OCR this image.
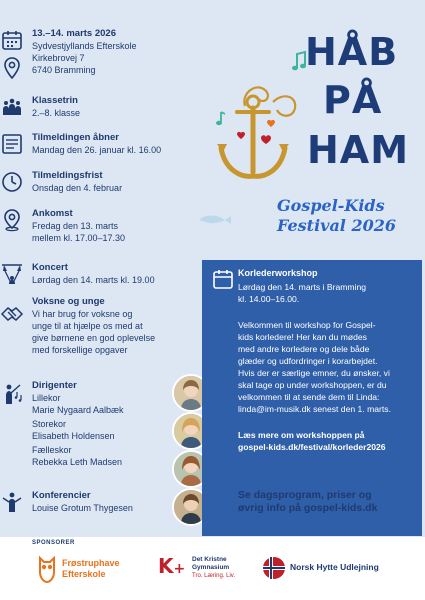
13.–14. marts 2026
Sydvestjyllands Efterskole
Kirkebrovej 7
6740 Bramming
Klassetrin
2.–8. klasse
Tilmeldingen åbner
Mandag den 26. januar kl. 16.00
Tilmeldingsfrist
Onsdag den 4. februar
Ankomst
Fredag den 13. marts
mellem kl. 17.00–17.30
Koncert
Lørdag den 14. marts kl. 19.00
Voksne og unge
Vi har brug for voksne og
unge til at hjælpe os med at
give børnene en god oplevelse
med forskellige opgaver
Dirigenter
Lillekor
Marie Nygaard Aalbæk
Storekor
Elisabeth Holdensen
Fælleskor
Rebekka Leth Madsen
Konferencier
Louise Grotum Thygesen
HÅB
PÅ
HAM
Gospel-Kids
Festival 2026
Korlederworkshop
Lørdag den 14. marts i Bramming
kl. 14.00–16.00.
Velkommen til workshop for Gospel-
kids korledere! Her kan du mødes
med andre korledere og dele både
glæder og udfordringer i korarbejdet.
Hvis der er særlige emner, du ønsker, vi
skal tage op under workshoppen, er du
velkommen til at sende dem til Linda:
linda@im-musik.dk senest den 1. marts.
Læs mere om workshoppen på
gospel-kids.dk/festival/korleder2026
Se dagsprogram, priser og
øvrig info på gospel-kids.dk
SPONSORER
Frøstruphave
Efterskole	K+
Det Kristne
Gymnasium
Tro. Læring. Liv.
Norsk Hytte Udlejning
